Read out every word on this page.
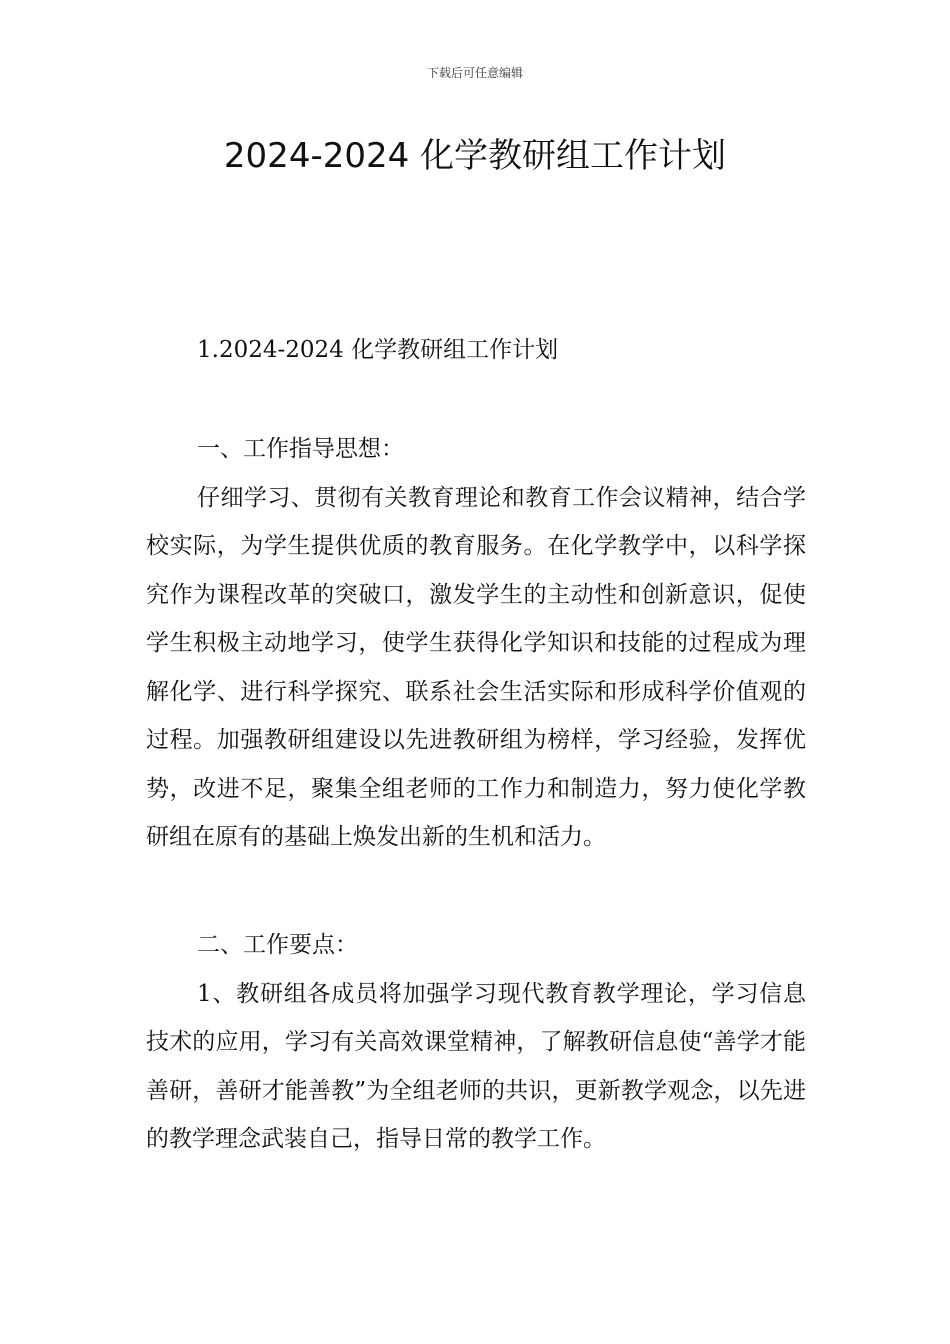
下载后可任意编辑
2024-2024 化学教研组工作计划
1.2024-2024 化学教研组工作计划

一、工作指导思想：

仔细学习、贯彻有关教育理论和教育工作会议精神，结合学校实际，为学生提供优质的教育服务。在化学教学中，以科学探究作为课程改革的突破口，激发学生的主动性和创新意识，促使学生积极主动地学习，使学生获得化学知识和技能的过程成为理解化学、进行科学探究、联系社会生活实际和形成科学价值观的过程。加强教研组建设以先进教研组为榜样，学习经验，发挥优势，改进不足，聚集全组老师的工作力和制造力，努力使化学教研组在原有的基础上焕发出新的生机和活力。

二、工作要点：

1、教研组各成员将加强学习现代教育教学理论，学习信息技术的应用，学习有关高效课堂精神，了解教研信息使“善学才能善研，善研才能善教”为全组老师的共识，更新教学观念，以先进的教学理念武装自己，指导日常的教学工作。
